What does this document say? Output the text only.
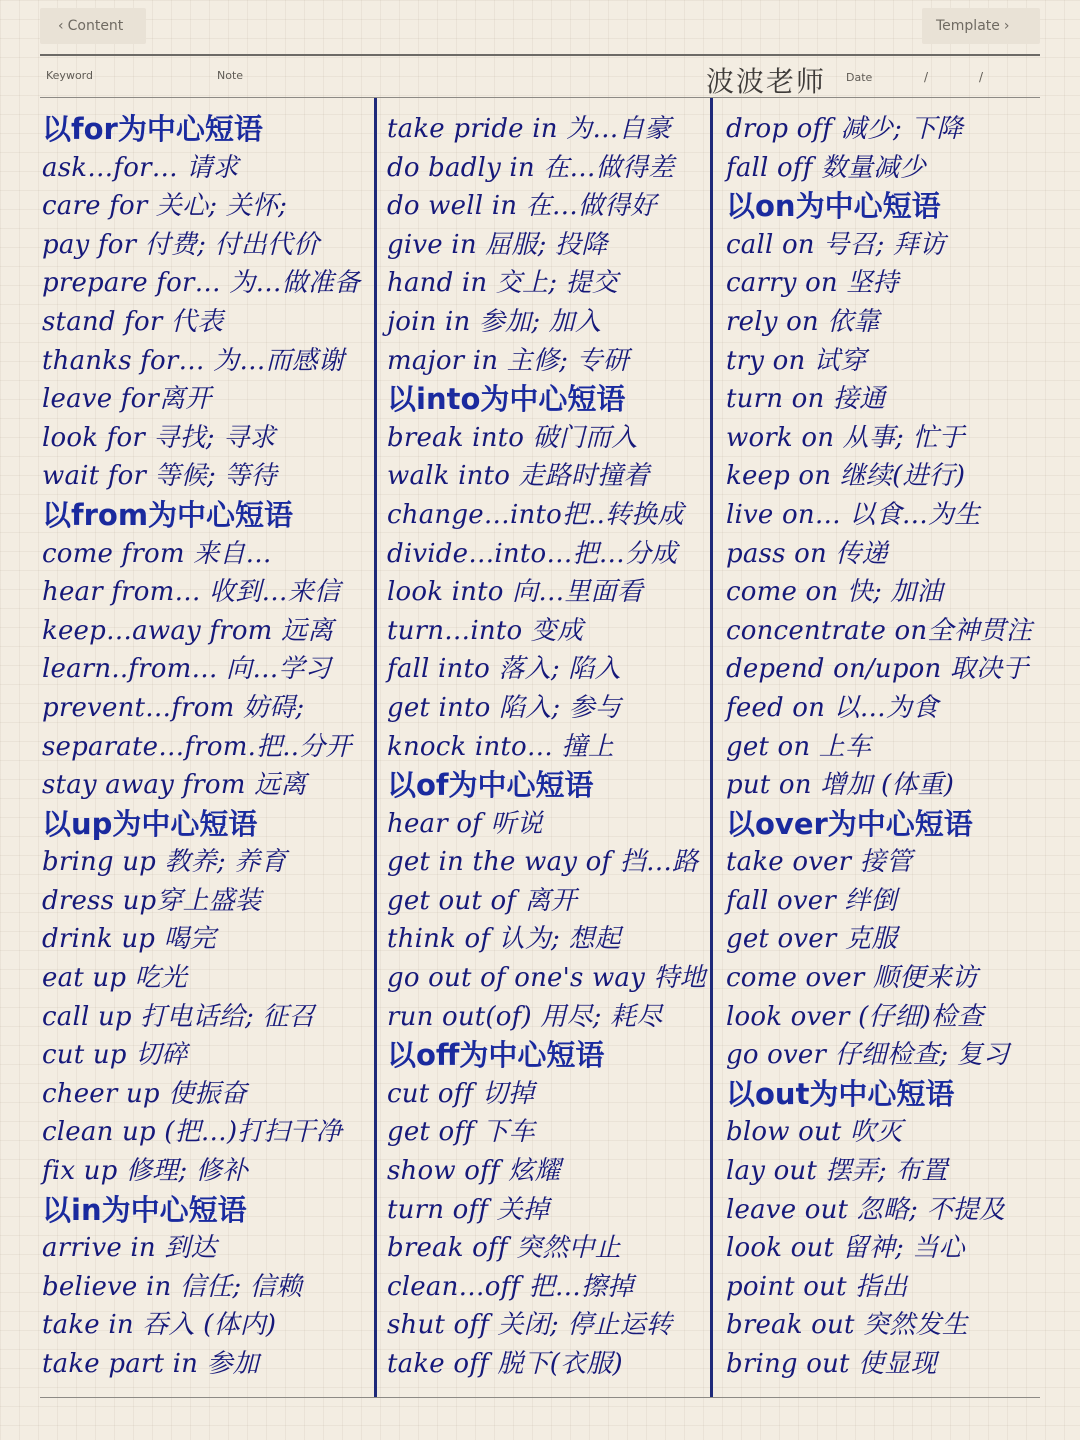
‹ Content	Template ›
Keyword	Note	波波老师 Date	/	/
以for为中心短语
ask…for… 请求
care for 关心; 关怀;
pay for 付费; 付出代价
prepare for… 为…做准备
stand for 代表
thanks for… 为…而感谢
leave for离开
look for 寻找; 寻求
wait for 等候; 等待
以from为中心短语
come from 来自…
hear from… 收到…来信
keep…away from 远离
learn..from… 向…学习
prevent…from 妨碍;
separate…from.把..分开
stay away from 远离
以up为中心短语
bring up 教养; 养育
dress up穿上盛装
drink up 喝完
eat up 吃光
call up 打电话给; 征召
cut up 切碎
cheer up 使振奋
clean up (把…)打扫干净
fix up 修理; 修补
以in为中心短语
arrive in 到达
believe in 信任; 信赖
take in 吞入 (体内)
take part in 参加
take pride in 为…自豪
do badly in 在…做得差
do well in 在…做得好
give in 屈服; 投降
hand in 交上; 提交
join in 参加; 加入
major in 主修; 专研
以into为中心短语
break into 破门而入
walk into 走路时撞着
change…into把..转换成
divide…into…把…分成
look into 向…里面看
turn…into 变成
fall into 落入; 陷入
get into 陷入; 参与
knock into… 撞上
以of为中心短语
hear of 听说
get in the way of 挡…路
get out of 离开
think of 认为; 想起
go out of one's way 特地
run out(of) 用尽; 耗尽
以off为中心短语
cut off 切掉
get off 下车
show off 炫耀
turn off 关掉
break off 突然中止
clean…off 把…擦掉
shut off 关闭; 停止运转
take off 脱下(衣服)
drop off 减少; 下降
fall off 数量减少
以on为中心短语
call on 号召; 拜访
carry on 坚持
rely on 依靠
try on 试穿
turn on 接通
work on 从事; 忙于
keep on 继续(进行)
live on… 以食…为生
pass on 传递
come on 快; 加油
concentrate on全神贯注
depend on/upon 取决于
feed on 以…为食
get on 上车
put on 增加 (体重)
以over为中心短语
take over 接管
fall over 绊倒
get over 克服
come over 顺便来访
look over (仔细)检查
go over 仔细检查; 复习
以out为中心短语
blow out 吹灭
lay out 摆弄; 布置
leave out 忽略; 不提及
look out 留神; 当心
point out 指出
break out 突然发生
bring out 使显现
